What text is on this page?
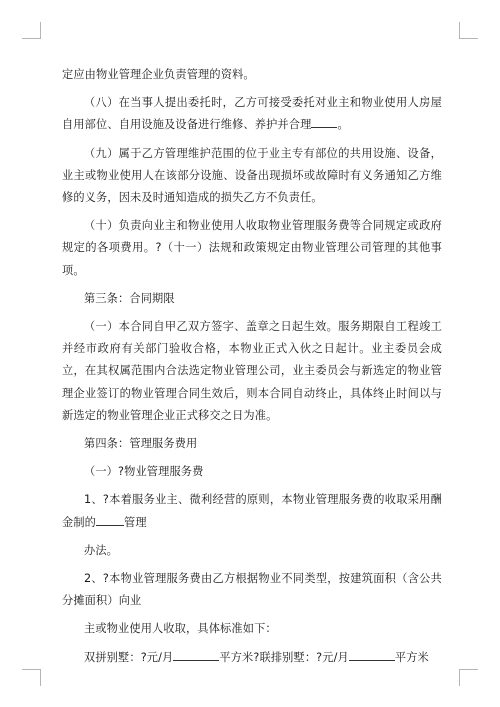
定应由物业管理企业负责管理的资料。

（八）在当事人提出委托时，乙方可接受委托对业主和物业使用人房屋自用部位、自用设施及设备进行维修、养护并合理 。

（九）属于乙方管理维护范围的位于业主专有部位的共用设施、设备，业主或物业使用人在该部分设施、设备出现损坏或故障时有义务通知乙方维修的义务，因未及时通知造成的损失乙方不负责任。

（十）负责向业主和物业使用人收取物业管理服务费等合同规定或政府规定的各项费用。?（十一）法规和政策规定由物业管理公司管理的其他事项。

第三条：合同期限

（一）本合同自甲乙双方签字、盖章之日起生效。服务期限自工程竣工并经市政府有关部门验收合格，本物业正式入伙之日起计。业主委员会成立，在其权属范围内合法选定物业管理公司，业主委员会与新选定的物业管理企业签订的物业管理合同生效后，则本合同自动终止，具体终止时间以与新选定的物业管理企业正式移交之日为准。

第四条：管理服务费用

（一）?物业管理服务费

1、?本着服务业主、微利经营的原则，本物业管理服务费的收取采用酬金制的	管理

办法。

2、?本物业管理服务费由乙方根据物业不同类型，按建筑面积（含公共分摊面积）向业

主或物业使用人收取，具体标准如下：

双拼别墅：?元/月	平方米?联排别墅：?元/月	平方米
